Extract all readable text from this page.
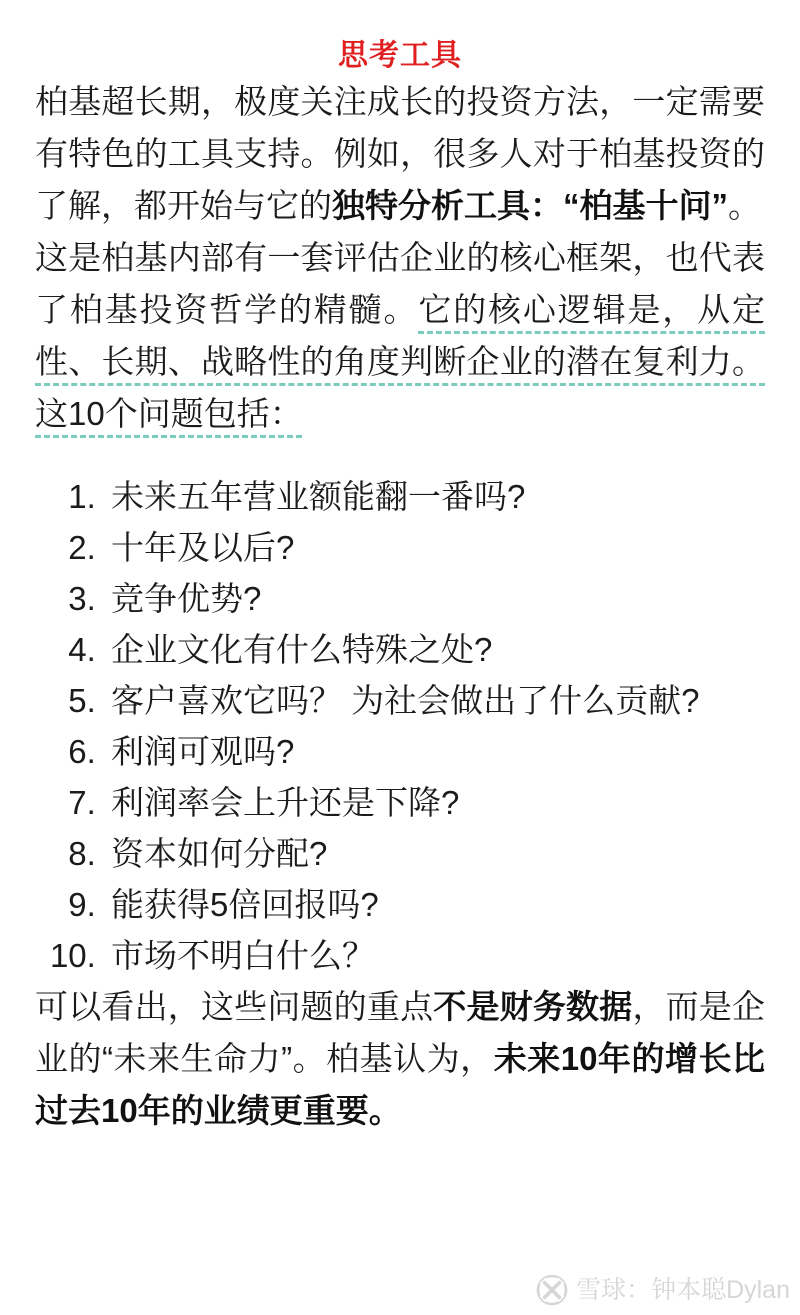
思考工具

柏基超长期，极度关注成长的投资方法，一定需要有特色的工具支持。例如，很多人对于柏基投资的了解，都开始与它的独特分析工具：“柏基十问”。

这是柏基内部有一套评估企业的核心框架，也代表了柏基投资哲学的精髓。它的核心逻辑是，从定性、长期、战略性的角度判断企业的潜在复利力。这10个问题包括：

1. 未来五年营业额能翻一番吗?
2. 十年及以后?
3. 竞争优势?
4. 企业文化有什么特殊之处?
5. 客户喜欢它吗？ 为社会做出了什么贡献?
6. 利润可观吗?
7. 利润率会上升还是下降?
8. 资本如何分配?
9. 能获得5倍回报吗?
10. 市场不明白什么？

可以看出，这些问题的重点不是财务数据，而是企业的“未来生命力”。柏基认为，未来10年的增长比过去10年的业绩更重要。

雪球：钟本聪Dylan
